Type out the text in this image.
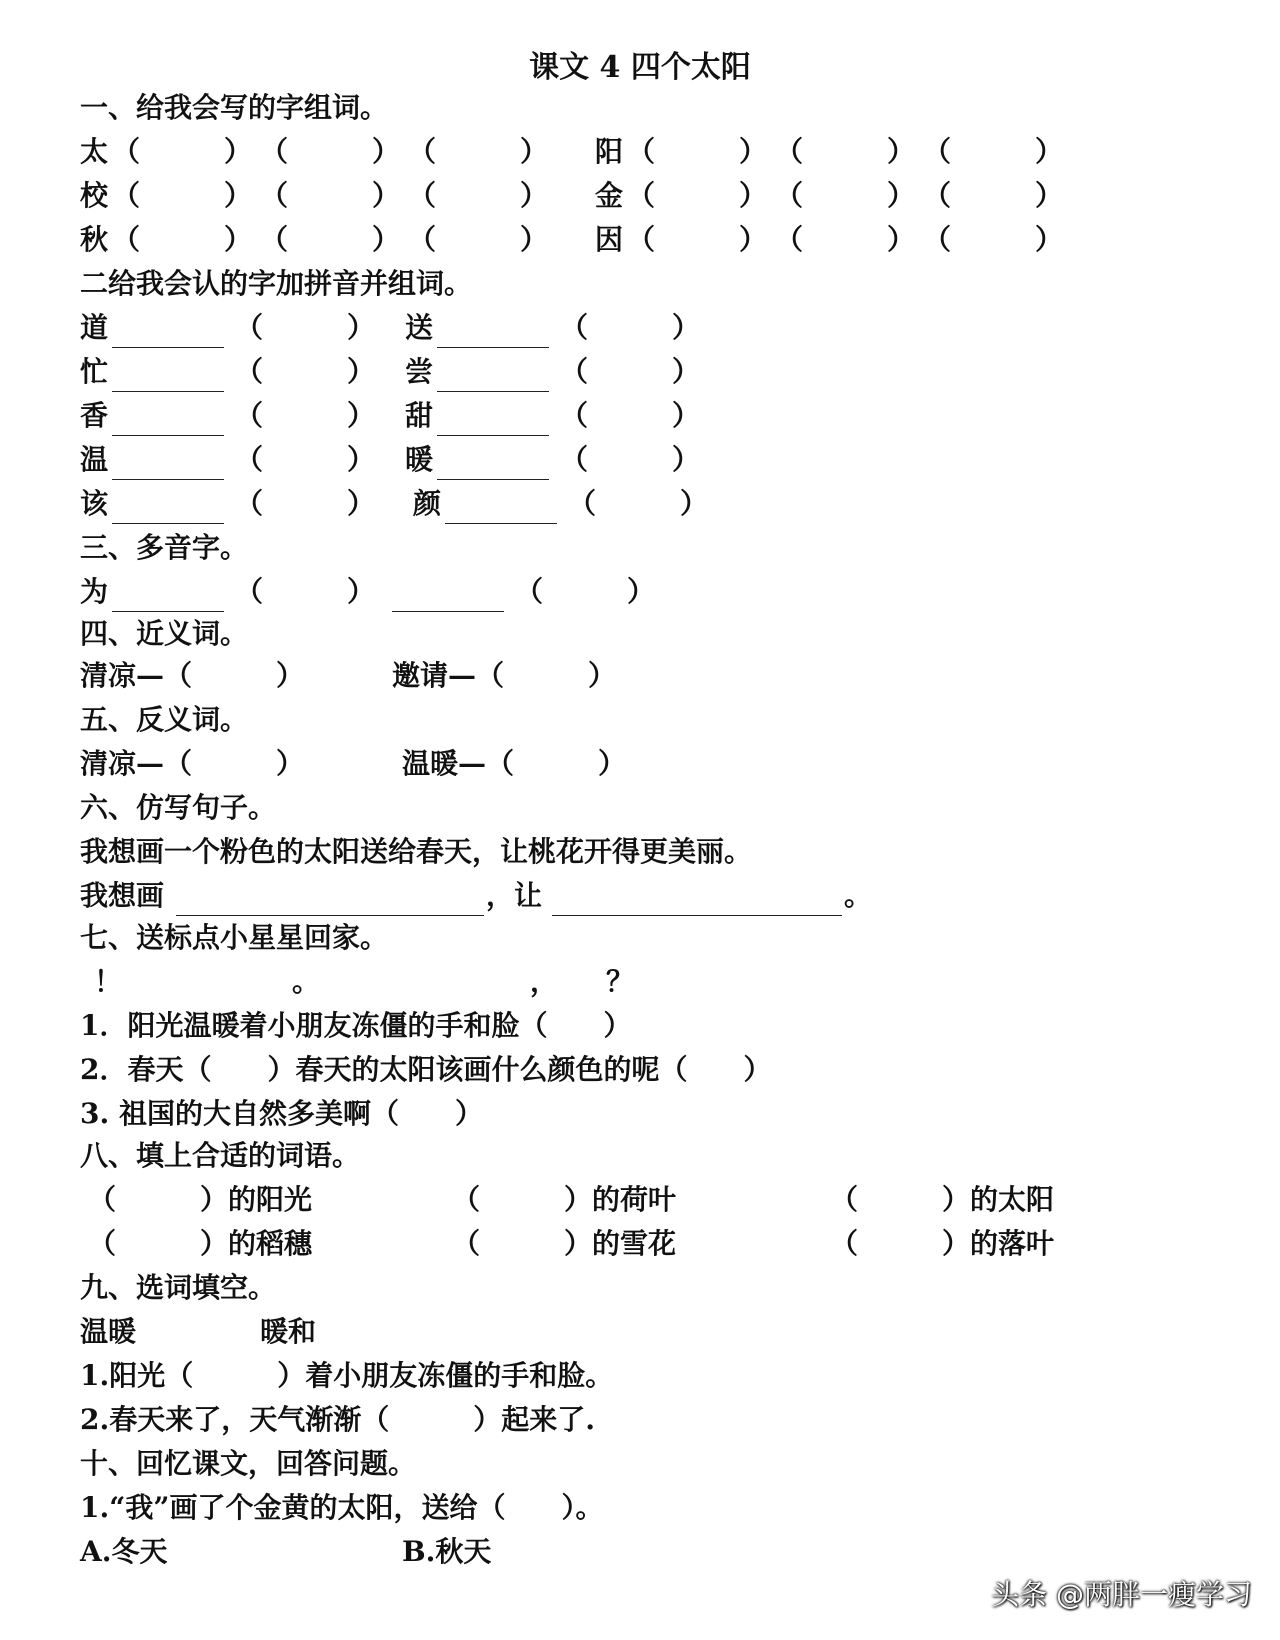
课文 4 四个太阳
一、给我会写的字组词。
太 （　　　） （　　　） （　　　） 阳 （　　　） （　　　） （　　　）
校 （　　　） （　　　） （　　　） 金 （　　　） （　　　） （　　　）
秋 （　　　） （　　　） （　　　） 因 （　　　） （　　　） （　　　）
二给我会认的字加拼音并组词。
道	（　　　） 送	（　　　）
忙	（　　　） 尝	（　　　）
香	（　　　） 甜	（　　　）
温	（　　　） 暖	（　　　）
该	（　　　） 颜	（　　　）
三、多音字。
为	（　　　）	（　　　）
四、近义词。
清凉—（　　　）	邀请—（　　　）
五、反义词。
清凉—（　　　）	温暖—（　　　）
六、仿写句子。
我想画一个粉色的太阳送给春天，让桃花开得更美丽。
我想画	，让	。
七、送标点小星星回家。
！	。	， ？
1．阳光温暖着小朋友冻僵的手和脸（　　）
2．春天（　　）春天的太阳该画什么颜色的呢（　　）
3. 祖国的大自然多美啊（　　）
八、填上合适的词语。
（　　　）的阳光	（　　　）的荷叶	（　　　）的太阳
（　　　）的稻穗	（　　　）的雪花	（　　　）的落叶
九、选词填空。
温暖	暖和
1.阳光（　　　）着小朋友冻僵的手和脸。
2.春天来了，天气渐渐（　　　）起来了.
十、回忆课文，回答问题。
1.“我”画了个金黄的太阳，送给（　　）。
A.冬天	B.秋天
头条 @两胖一瘦学习
